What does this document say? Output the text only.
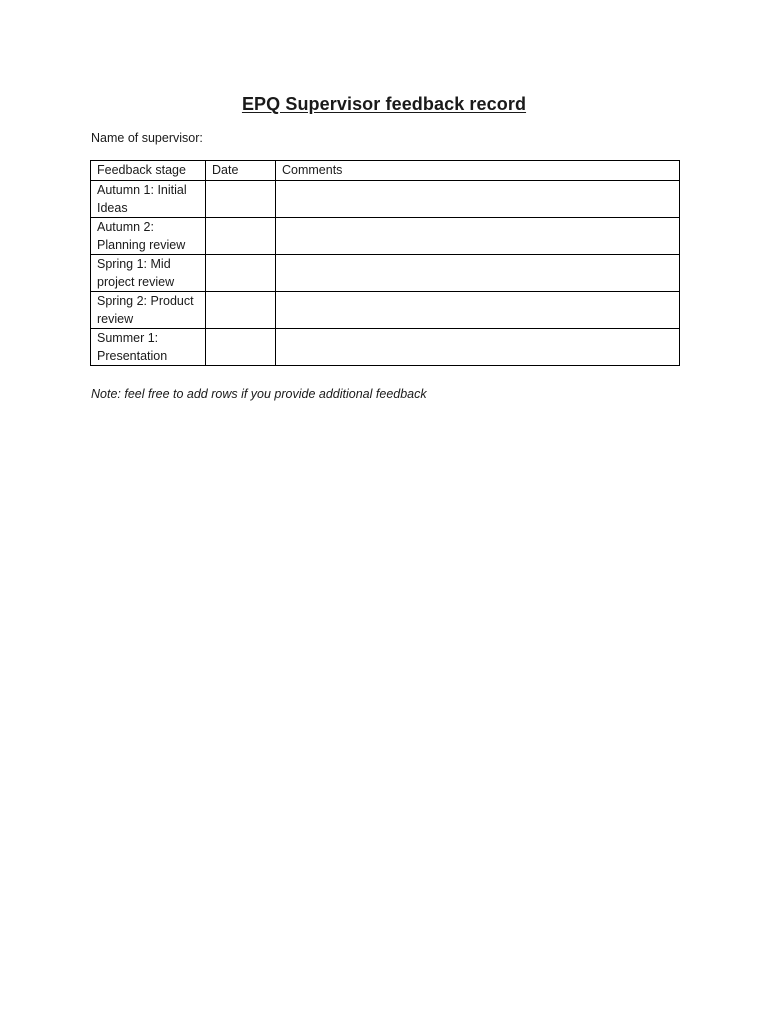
EPQ Supervisor feedback record
Name of supervisor:
Feedback stage	Date	Comments
Autumn 1: Initial Ideas		
Autumn 2: Planning review		
Spring 1: Mid project review		
Spring 2: Product review		
Summer 1: Presentation		
Note: feel free to add rows if you provide additional feedback
